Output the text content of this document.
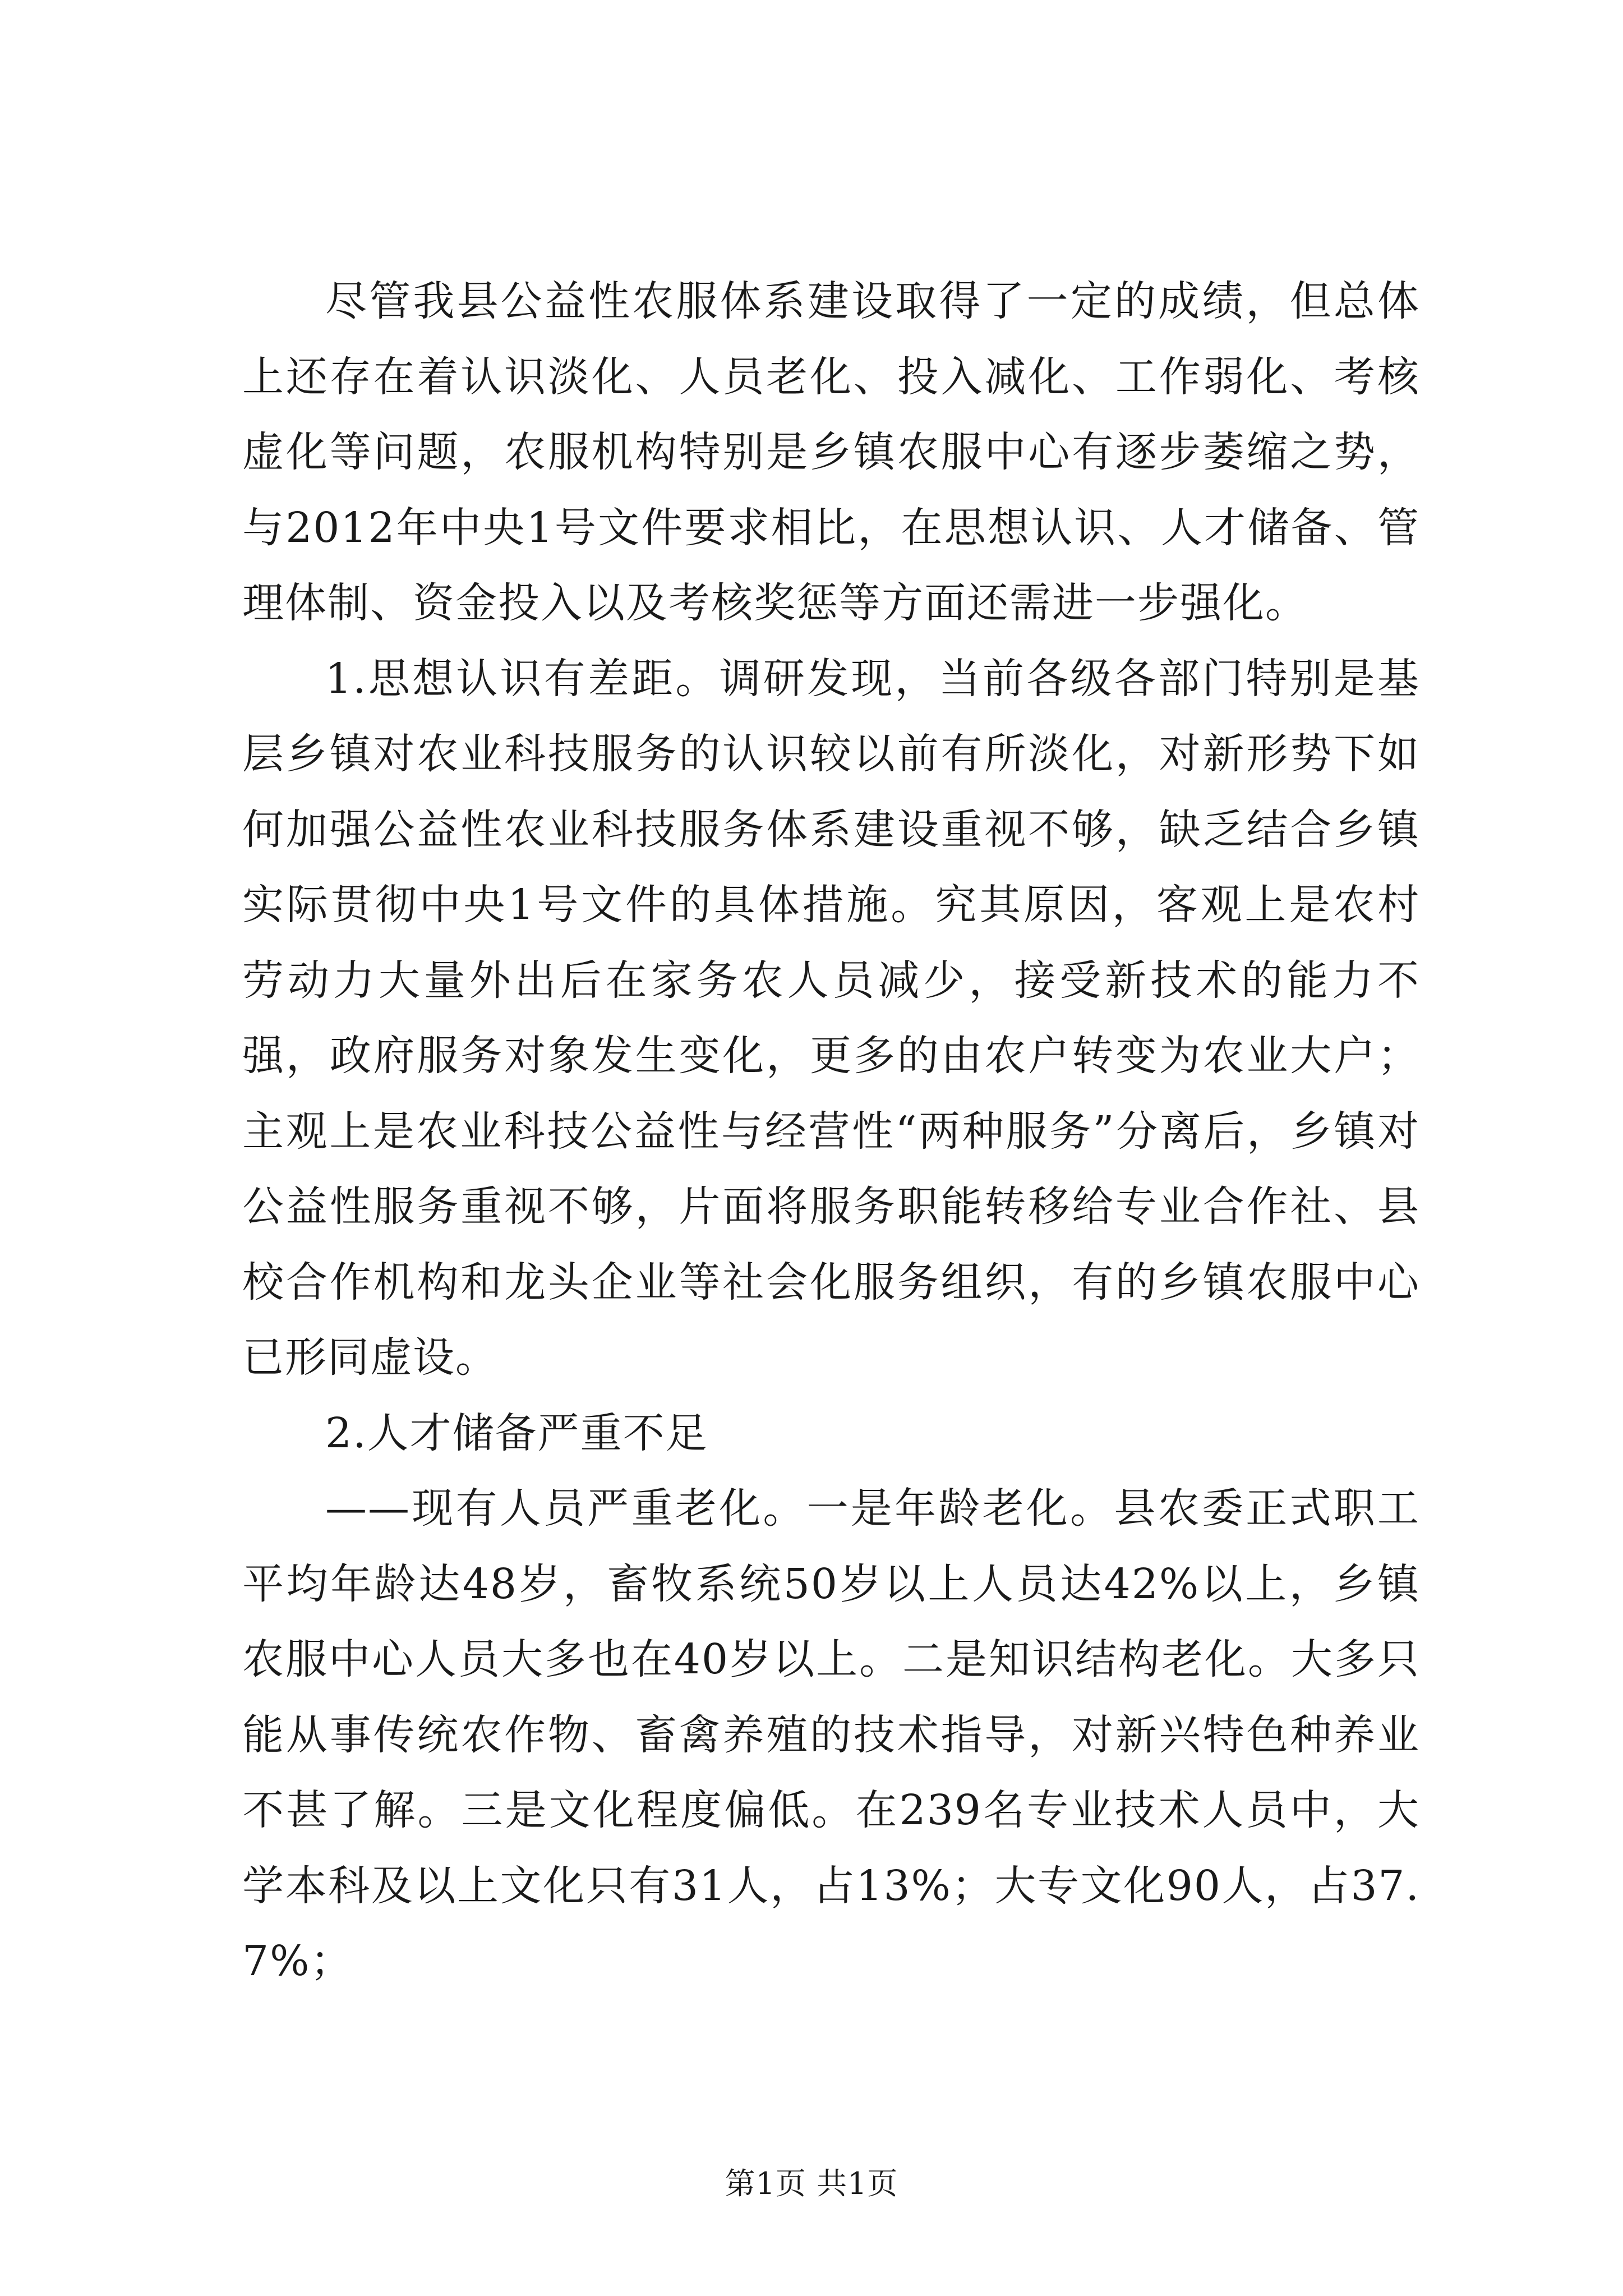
尽管我县公益性农服体系建设取得了一定的成绩，但总体上还存在着认识淡化、人员老化、投入减化、工作弱化、考核虚化等问题，农服机构特别是乡镇农服中心有逐步萎缩之势，与2012年中央1号文件要求相比，在思想认识、人才储备、管理体制、资金投入以及考核奖惩等方面还需进一步强化。

1.思想认识有差距。调研发现，当前各级各部门特别是基层乡镇对农业科技服务的认识较以前有所淡化，对新形势下如何加强公益性农业科技服务体系建设重视不够，缺乏结合乡镇实际贯彻中央1号文件的具体措施。究其原因，客观上是农村劳动力大量外出后在家务农人员减少，接受新技术的能力不强，政府服务对象发生变化，更多的由农户转变为农业大户；主观上是农业科技公益性与经营性“两种服务”分离后，乡镇对公益性服务重视不够，片面将服务职能转移给专业合作社、县校合作机构和龙头企业等社会化服务组织，有的乡镇农服中心已形同虚设。

2.人才储备严重不足

——现有人员严重老化。一是年龄老化。县农委正式职工平均年龄达48岁，畜牧系统50岁以上人员达42%以上，乡镇农服中心人员大多也在40岁以上。二是知识结构老化。大多只能从事传统农作物、畜禽养殖的技术指导，对新兴特色种养业不甚了解。三是文化程度偏低。在239名专业技术人员中，大学本科及以上文化只有31人，占13%；大专文化90人，占37.7%；

第1页 共1页
